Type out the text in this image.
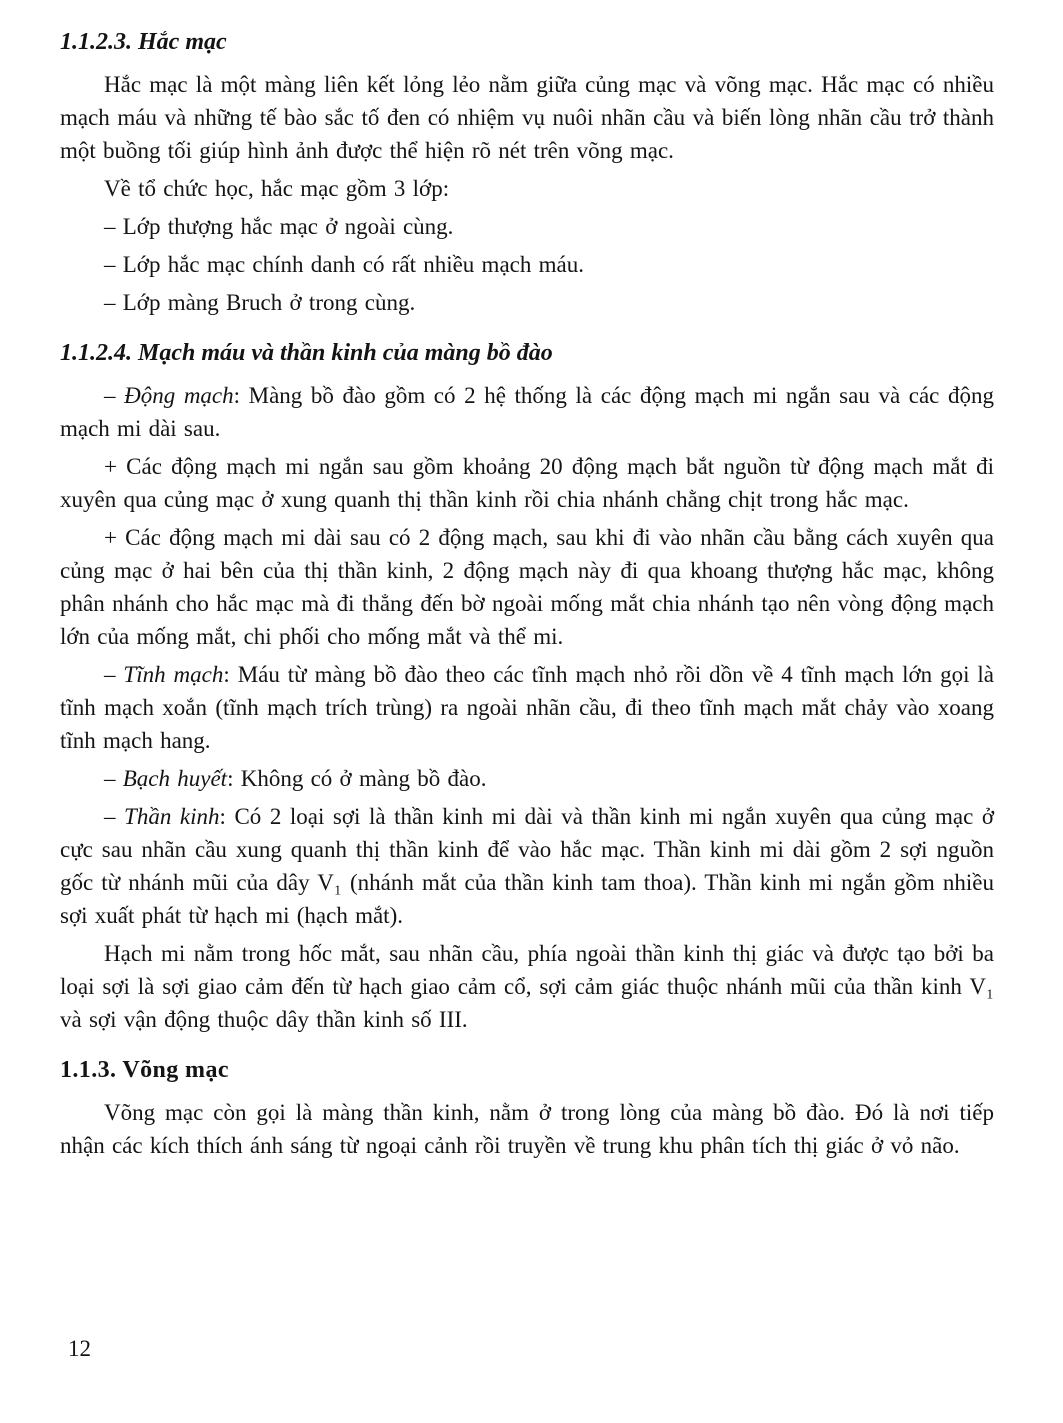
1.1.2.3. Hắc mạc

Hắc mạc là một màng liên kết lỏng lẻo nằm giữa củng mạc và võng mạc. Hắc mạc có nhiều mạch máu và những tế bào sắc tố đen có nhiệm vụ nuôi nhãn cầu và biến lòng nhãn cầu trở thành một buồng tối giúp hình ảnh được thể hiện rõ nét trên võng mạc.

Về tổ chức học, hắc mạc gồm 3 lớp:

– Lớp thượng hắc mạc ở ngoài cùng.

– Lớp hắc mạc chính danh có rất nhiều mạch máu.

– Lớp màng Bruch ở trong cùng.

1.1.2.4. Mạch máu và thần kinh của màng bồ đào

– Động mạch: Màng bồ đào gồm có 2 hệ thống là các động mạch mi ngắn sau và các động mạch mi dài sau.

+ Các động mạch mi ngắn sau gồm khoảng 20 động mạch bắt nguồn từ động mạch mắt đi xuyên qua củng mạc ở xung quanh thị thần kinh rồi chia nhánh chằng chịt trong hắc mạc.

+ Các động mạch mi dài sau có 2 động mạch, sau khi đi vào nhãn cầu bằng cách xuyên qua củng mạc ở hai bên của thị thần kinh, 2 động mạch này đi qua khoang thượng hắc mạc, không phân nhánh cho hắc mạc mà đi thẳng đến bờ ngoài mống mắt chia nhánh tạo nên vòng động mạch lớn của mống mắt, chi phối cho mống mắt và thể mi.

– Tĩnh mạch: Máu từ màng bồ đào theo các tĩnh mạch nhỏ rồi dồn về 4 tĩnh mạch lớn gọi là tĩnh mạch xoắn (tĩnh mạch trích trùng) ra ngoài nhãn cầu, đi theo tĩnh mạch mắt chảy vào xoang tĩnh mạch hang.

– Bạch huyết: Không có ở màng bồ đào.

– Thần kinh: Có 2 loại sợi là thần kinh mi dài và thần kinh mi ngắn xuyên qua củng mạc ở cực sau nhãn cầu xung quanh thị thần kinh để vào hắc mạc. Thần kinh mi dài gồm 2 sợi nguồn gốc từ nhánh mũi của dây V₁ (nhánh mắt của thần kinh tam thoa). Thần kinh mi ngắn gồm nhiều sợi xuất phát từ hạch mi (hạch mắt).

Hạch mi nằm trong hốc mắt, sau nhãn cầu, phía ngoài thần kinh thị giác và được tạo bởi ba loại sợi là sợi giao cảm đến từ hạch giao cảm cổ, sợi cảm giác thuộc nhánh mũi của thần kinh V₁ và sợi vận động thuộc dây thần kinh số III.

1.1.3. Võng mạc

Võng mạc còn gọi là màng thần kinh, nằm ở trong lòng của màng bồ đào. Đó là nơi tiếp nhận các kích thích ánh sáng từ ngoại cảnh rồi truyền về trung khu phân tích thị giác ở vỏ não.

12
